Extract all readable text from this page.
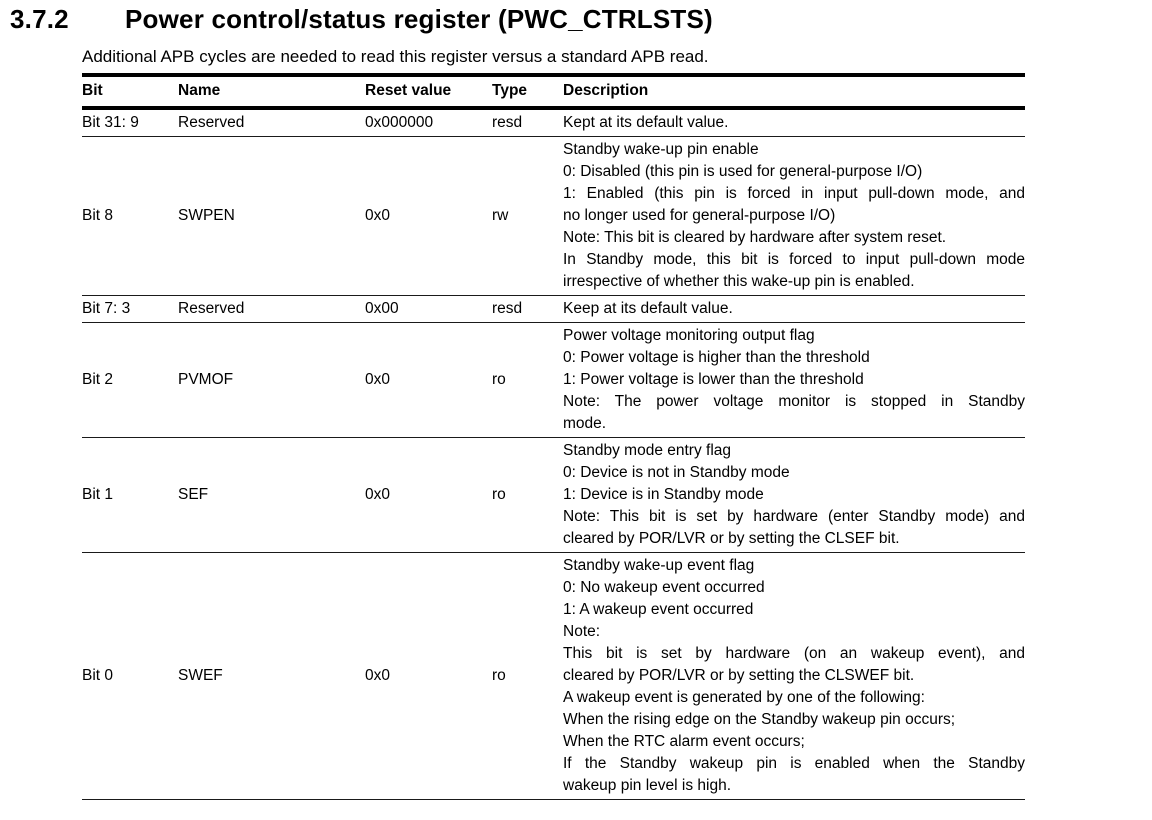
3.7.2	Power control/status register (PWC_CTRLSTS)

Additional APB cycles are needed to read this register versus a standard APB read.

Bit	Name	Reset value	Type	Description
Bit 31: 9	Reserved	0x000000	resd	Kept at its default value.

Bit 8	SWPEN	0x0	rw	
Standby wake-up pin enable
0: Disabled (this pin is used for general-purpose I/O)
1: Enabled (this pin is forced in input pull-down mode, and
no longer used for general-purpose I/O)
Note: This bit is cleared by hardware after system reset.
In Standby mode, this bit is forced to input pull-down mode
irrespective of whether this wake-up pin is enabled.

Bit 7: 3	Reserved	0x00	resd	Keep at its default value.

Bit 2	PVMOF	0x0	ro	Power voltage monitoring output flag
0: Power voltage is higher than the threshold
1: Power voltage is lower than the threshold
Note: The power voltage monitor is stopped in Standby
mode.

Bit 1	SEF	0x0	ro	Standby mode entry flag
0: Device is not in Standby mode
1: Device is in Standby mode
Note: This bit is set by hardware (enter Standby mode) and
cleared by POR/LVR or by setting the CLSEF bit.

Bit 0	SWEF	0x0	ro	
Standby wake-up event flag
0: No wakeup event occurred
1: A wakeup event occurred
Note:
This bit is set by hardware (on an wakeup event), and
cleared by POR/LVR or by setting the CLSWEF bit.
A wakeup event is generated by one of the following:
When the rising edge on the Standby wakeup pin occurs;
When the RTC alarm event occurs;
If the Standby wakeup pin is enabled when the Standby
wakeup pin level is high.
